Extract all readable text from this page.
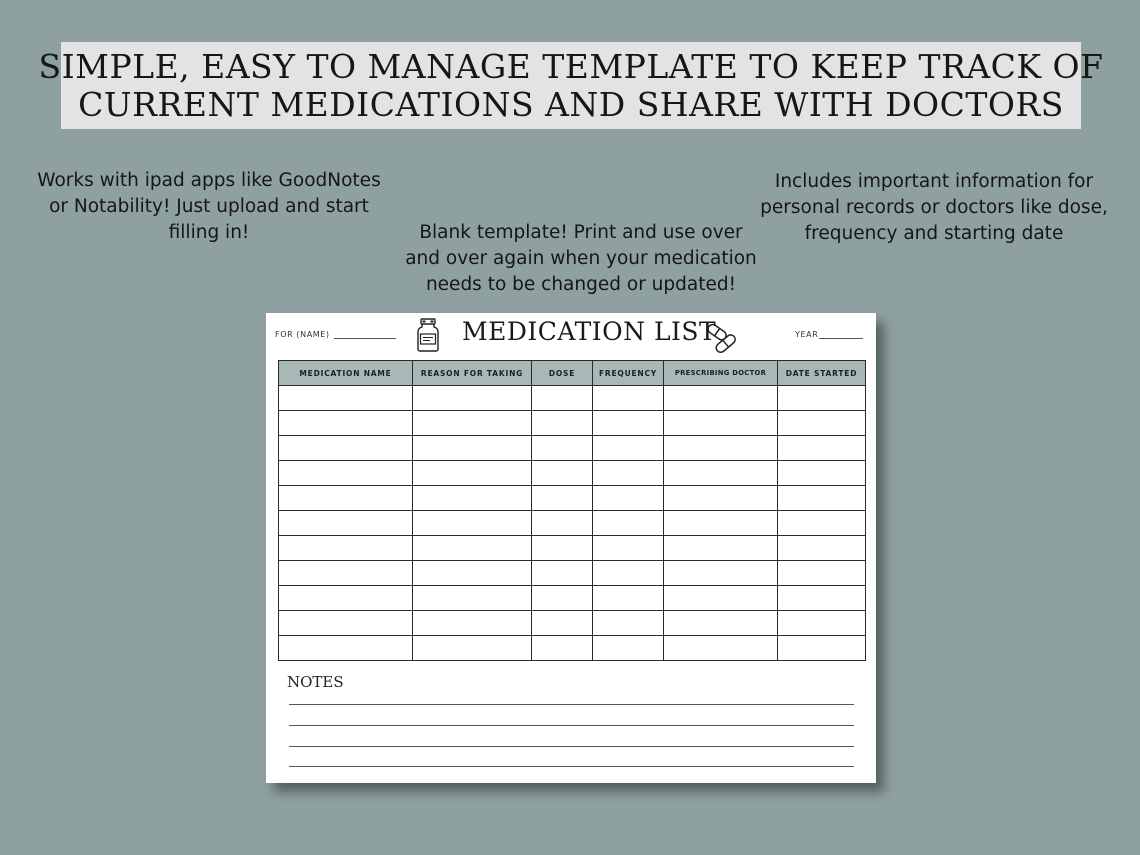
SIMPLE, EASY TO MANAGE TEMPLATE TO KEEP TRACK OF
CURRENT MEDICATIONS AND SHARE WITH DOCTORS
Works with ipad apps like GoodNotes
or Notability! Just upload and start
filling in!	Blank template! Print and use over
and over again when your medication
needs to be changed or updated!
Includes important information for
personal records or doctors like dose,
frequency and starting date
FOR (NAME)	MEDICATION LIST	YEAR
MEDICATION NAME	REASON FOR TAKING	DOSE	FREQUENCY	PRESCRIBING DOCTOR	DATE STARTED

NOTES
